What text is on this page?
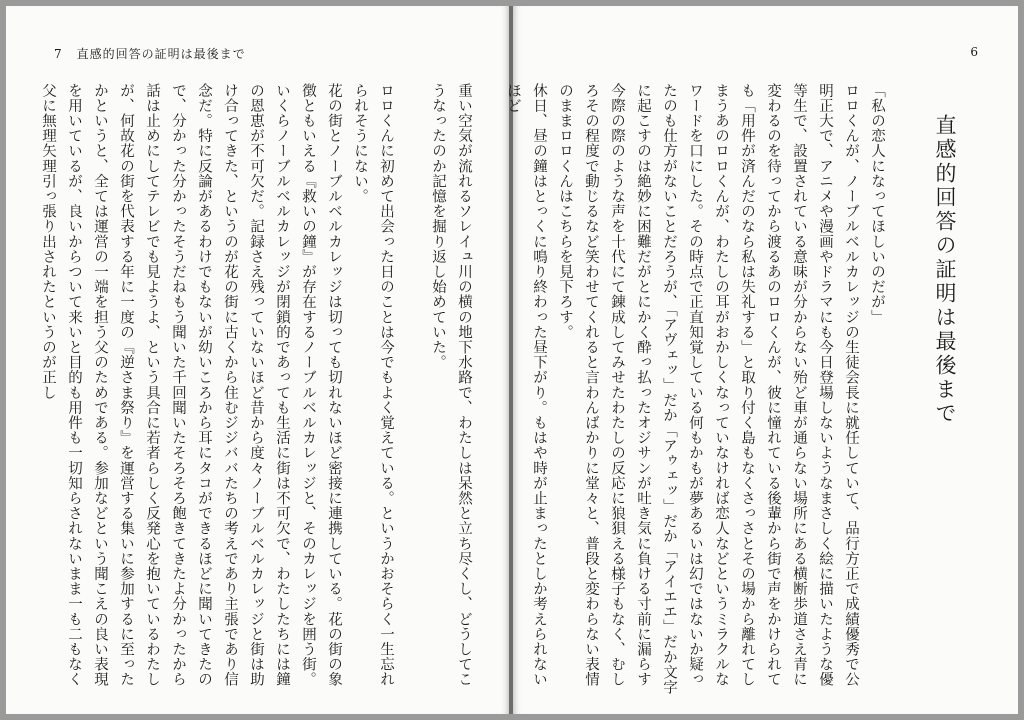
7 直感的回答の証明は最後まで

重い空気が流れるソレイュ川の横の地下水路で、わたしは呆然と立ち尽くし、どうしてこうなったのか記憶を掘り返し始めていた。

ロロくんに初めて出会った日のことは今でもよく覚えている。というかおそらく一生忘れられそうにない。

花の街とノーブルベルカレッジは切っても切れないほど密接に連携している。花の街の象徴ともいえる『救いの鐘』が存在するノーブルベルカレッジと、そのカレッジを囲う街。いくらノーブルベルカレッジが閉鎖的であっても生活に街は不可欠で、わたしたちには鐘の恩恵が不可欠だ。記録さえ残っていないほど昔から度々ノーブルベルカレッジと街は助け合ってきた、というのが花の街に古くから住むジジババたちの考えであり主張であり信念だ。特に反論があるわけでもないが幼いころから耳にタコができるほどに聞いてきたので、分かった分かったそうだねもう聞いた千回聞いたそろそろ飽きてきたよ分かったから話は止めにしてテレビでも見ようよ、という具合に若者らしく反発心を抱いているわたしが、何故花の街を代表する年に一度の『逆さま祭り』を運営する集いに参加するに至ったかというと、全ては運営の一端を担う父のためである。参加などという聞こえの良い表現を用いているが、良いからついて来いと目的も用件も一切知らされないまま一も二もなく父に無理矢理引っ張り出されたというのが正し

6
直感的回答の証明は最後まで

「私の恋人になってほしいのだが」

ロロくんが、ノーブルベルカレッジの生徒会長に就任していて、品行方正で成績優秀で公明正大で、アニメや漫画やドラマにも今日登場しないようなまさしく絵に描いたような優等生で、設置されている意味が分からない殆ど車が通らない場所にある横断歩道さえ青に変わるのを待ってから渡るあのロロくんが、彼に憧れている後輩から街で声をかけられても「用件が済んだのなら私は失礼する」と取り付く島もなくさっさとその場から離れてしまうあのロロくんが、わたしの耳がおかしくなっていなければ恋人などというミラクルなワードを口にした。その時点で正直知覚している何もかもが夢あるいは幻ではないか疑ったのも仕方がないことだろうが、「アヴェッ」だか「アゥェッ」だか「アイエエ」だか文字に起こすのは絶妙に困難だがとにかく酔っ払ったオジサンが吐き気に負ける寸前に漏らす今際の際のような声を十代にて錬成してみせたわたしの反応に狼狽える様子もなく、むしろその程度で動じるなど笑わせてくれると言わんばかりに堂々と、普段と変わらない表情のままロロくんはこちらを見下ろす。

休日、昼の鐘はとっくに鳴り終わった昼下がり。もはや時が止まったとしか考えられないほど
